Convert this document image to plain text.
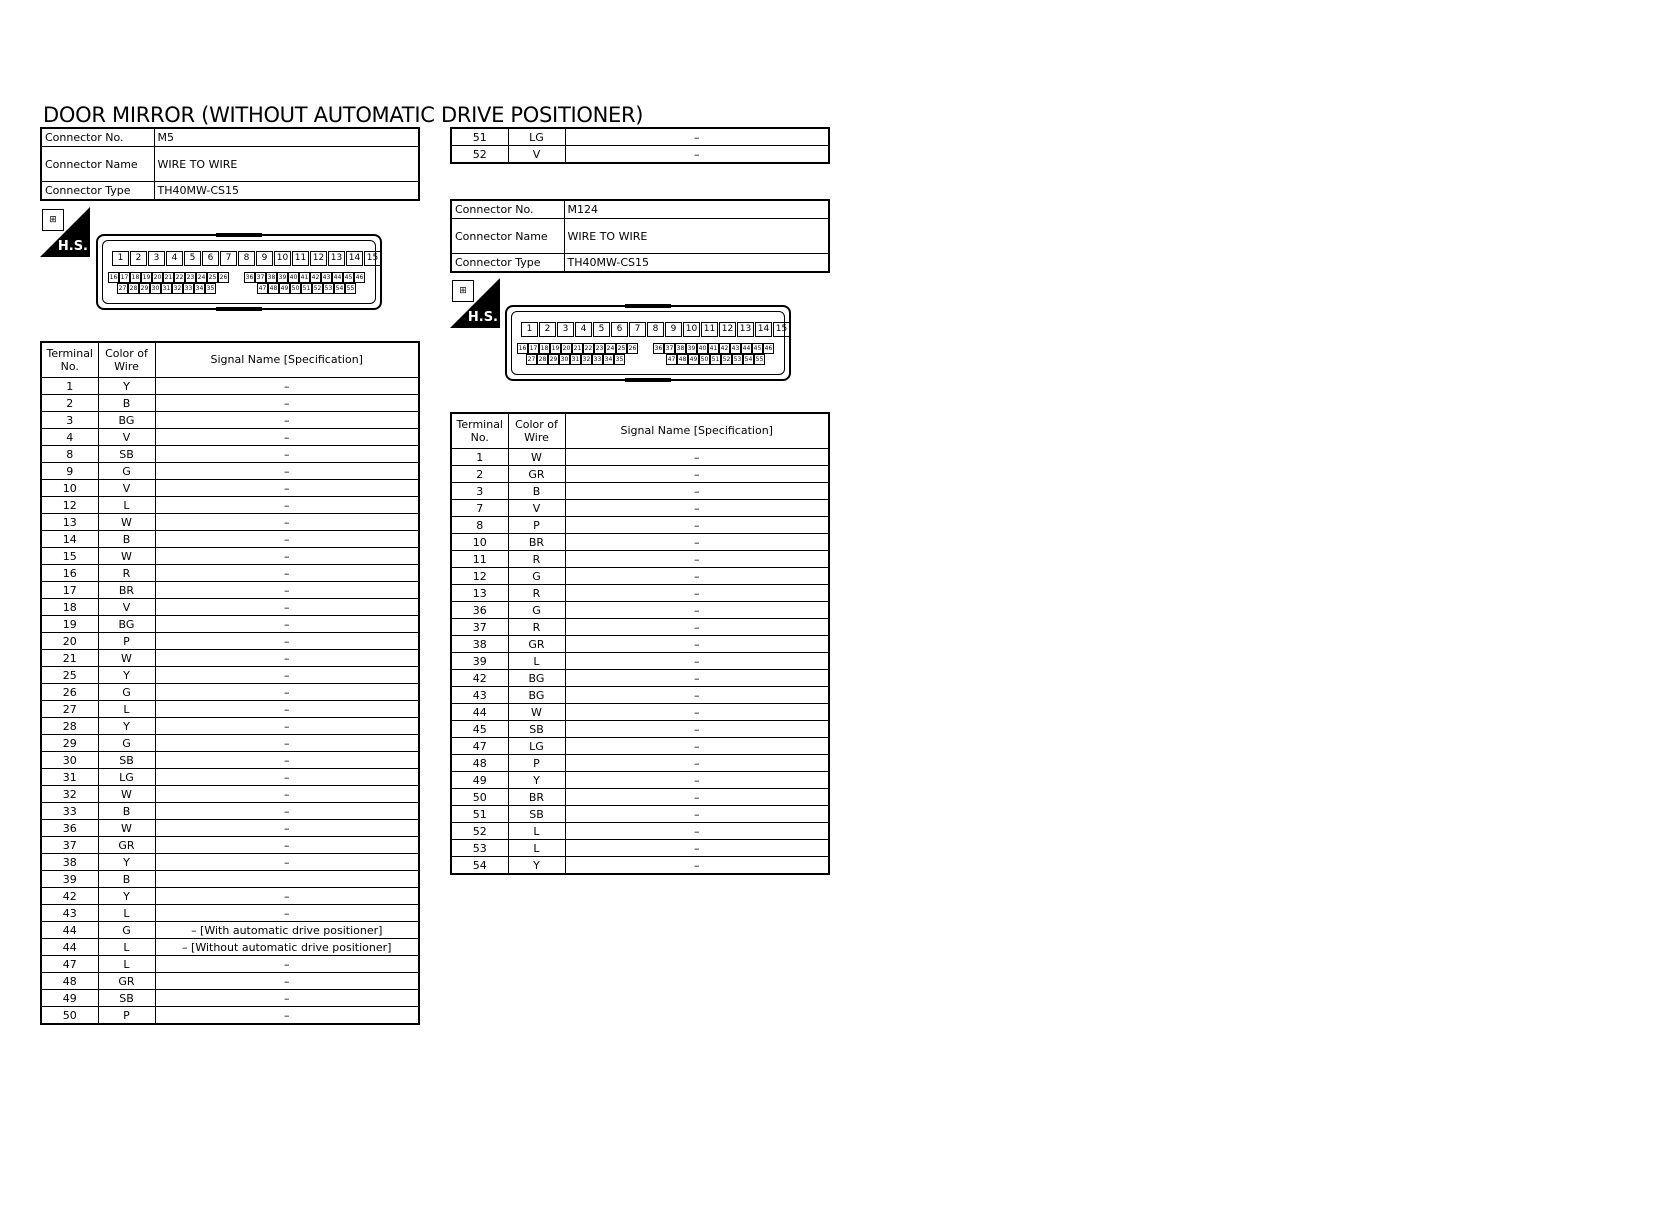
DOOR MIRROR (WITHOUT AUTOMATIC DRIVE POSITIONER)
Connector No.	M5
Connector Name	WIRE TO WIRE
Connector Type	TH40MW-CS15
⊞
H.S.
1	2	3	4	5	6	7	8	9	10 11 12 13 14 15
16 17 18 19 20 21 22 23 24 25 26	36 37 38 39 40 41 42 43 44 45 46
27 28 29 30 31 32 33 34 35	47 48 49 50 51 52 53 54 55
Terminal No.	Color of Wire	Signal Name [Specification]
1	Y	–
2	B	–
3	BG	–
4	V	–
8	SB	–
9	G	–
10	V	–
12	L	–
13	W	–
14	B	–
15	W	–
16	R	–
17	BR	–
18	V	–
19	BG	–
20	P	–
21	W	–
25	Y	–
26	G	–
27	L	–
28	Y	–
29	G	–
30	SB	–
31	LG	–
32	W	–
33	B	–
36	W	–
37	GR	–
38	Y	–
39	B	
42	Y	–
43	L	–
44	G	– [With automatic drive positioner]
44	L	– [Without automatic drive positioner]
47	L	–
48	GR	–
49	SB	–
50	P	–
51	LG	–
52	V	–
Connector No.	M124
Connector Name	WIRE TO WIRE
Connector Type	TH40MW-CS15
⊞
H.S.
1	2	3	4	5	6	7	8	9	10 11 12 13 14 15
16 17 18 19 20 21 22 23 24 25 26	36 37 38 39 40 41 42 43 44 45 46
27 28 29 30 31 32 33 34 35	47 48 49 50 51 52 53 54 55
Terminal No.	Color of Wire	Signal Name [Specification]
1	W	–
2	GR	–
3	B	–
7	V	–
8	P	–
10	BR	–
11	R	–
12	G	–
13	R	–
36	G	–
37	R	–
38	GR	–
39	L	–
42	BG	–
43	BG	–
44	W	–
45	SB	–
47	LG	–
48	P	–
49	Y	–
50	BR	–
51	SB	–
52	L	–
53	L	–
54	Y	–
